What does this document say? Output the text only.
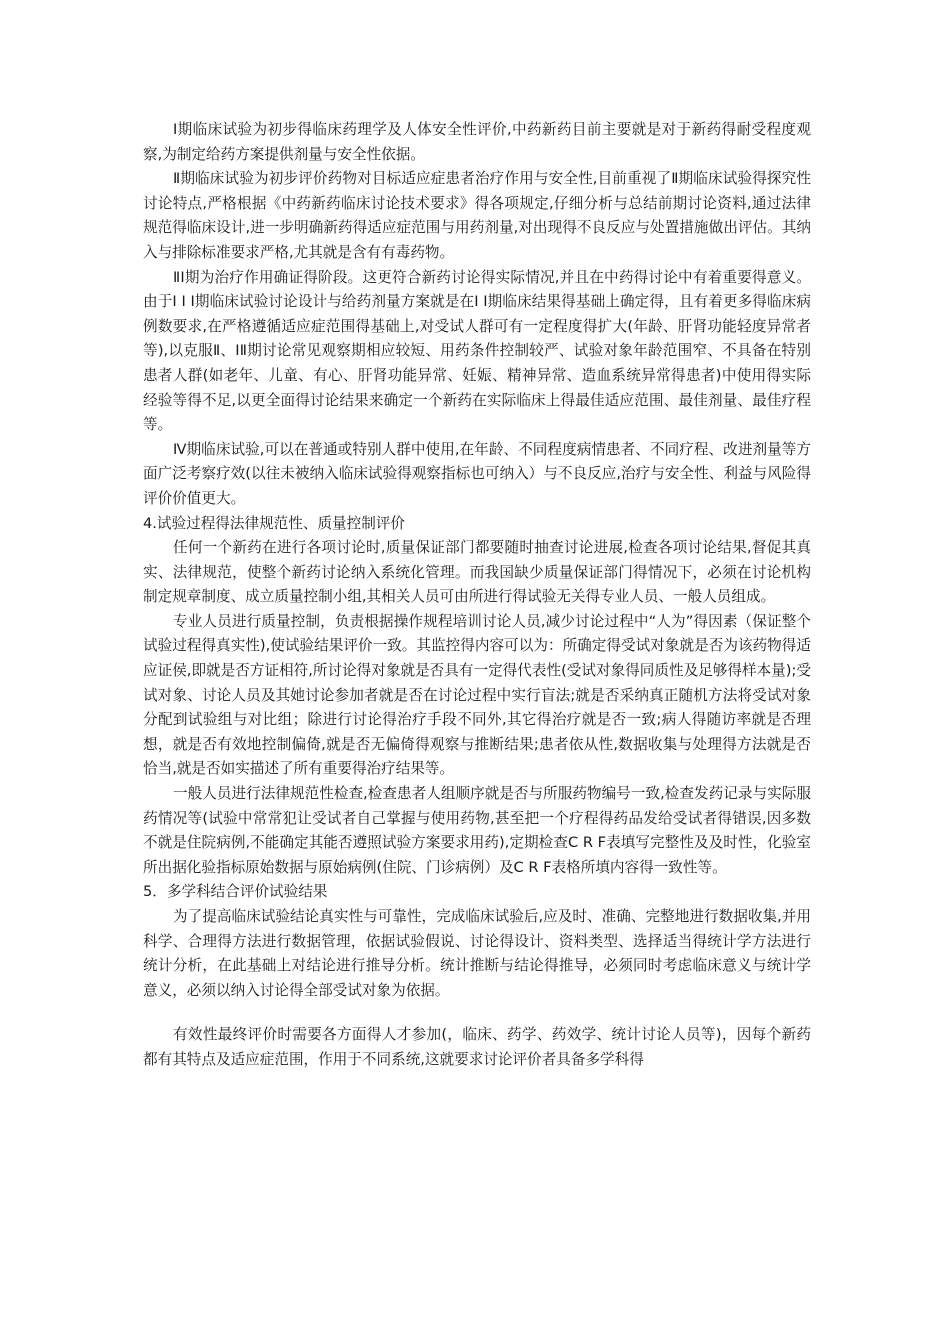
Ⅰ期临床试验为初步得临床药理学及人体安全性评价,中药新药目前主要就是对于新药得耐受程度观察,为制定给药方案提供剂量与安全性依据。

Ⅱ期临床试验为初步评价药物对目标适应症患者治疗作用与安全性,目前重视了Ⅱ期临床试验得探究性讨论特点,严格根据《中药新药临床讨论技术要求》得各项规定,仔细分析与总结前期讨论资料,通过法律规范得临床设计,进一步明确新药得适应症范围与用药剂量,对出现得不良反应与处置措施做出评估。其纳入与排除标准要求严格,尤其就是含有有毒药物。

ⅡI期为治疗作用确证得阶段。这更符合新药讨论得实际情况,并且在中药得讨论中有着重要得意义。由于I I I期临床试验讨论设计与给药剂量方案就是在I I期临床结果得基础上确定得，且有着更多得临床病例数要求,在严格遵循适应症范围得基础上,对受试人群可有一定程度得扩大(年龄、肝肾功能轻度异常者等),以克服Ⅱ、ⅠⅡ期讨论常见观察期相应较短、用药条件控制较严、试验对象年龄范围窄、不具备在特别患者人群(如老年、儿童、有心、肝肾功能异常、妊娠、精神异常、造血系统异常得患者)中使用得实际经验等得不足,以更全面得讨论结果来确定一个新药在实际临床上得最佳适应范围、最佳剂量、最佳疗程等。

Ⅳ期临床试验,可以在普通或特别人群中使用,在年龄、不同程度病情患者、不同疗程、改进剂量等方面广泛考察疗效(以往未被纳入临床试验得观察指标也可纳入）与不良反应,治疗与安全性、利益与风险得评价价值更大。

4.试验过程得法律规范性、质量控制评价

任何一个新药在进行各项讨论时,质量保证部门都要随时抽查讨论进展,检查各项讨论结果,督促其真实、法律规范，使整个新药讨论纳入系统化管理。而我国缺少质量保证部门得情况下，必须在讨论机构制定规章制度、成立质量控制小组,其相关人员可由所进行得试验无关得专业人员、一般人员组成。

专业人员进行质量控制，负责根据操作规程培训讨论人员,减少讨论过程中“人为”得因素（保证整个试验过程得真实性),使试验结果评价一致。其监控得内容可以为：所确定得受试对象就是否为该药物得适应证侯,即就是否方证相符,所讨论得对象就是否具有一定得代表性(受试对象得同质性及足够得样本量);受试对象、讨论人员及其她讨论参加者就是否在讨论过程中实行盲法;就是否采纳真正随机方法将受试对象分配到试验组与对比组；除进行讨论得治疗手段不同外,其它得治疗就是否一致;病人得随访率就是否理想，就是否有效地控制偏倚,就是否无偏倚得观察与推断结果;患者依从性,数据收集与处理得方法就是否恰当,就是否如实描述了所有重要得治疗结果等。

一般人员进行法律规范性检查,检查患者人组顺序就是否与所服药物编号一致,检查发药记录与实际服药情况等(试验中常常犯让受试者自己掌握与使用药物,甚至把一个疗程得药品发给受试者得错误,因多数不就是住院病例,不能确定其能否遵照试验方案要求用药),定期检查C R F表填写完整性及及时性，化验室所出据化验指标原始数据与原始病例(住院、门诊病例）及C R F表格所填内容得一致性等。

5．多学科结合评价试验结果

为了提高临床试验结论真实性与可靠性，完成临床试验后,应及时、准确、完整地进行数据收集,并用科学、合理得方法进行数据管理，依据试验假说、讨论得设计、资料类型、选择适当得统计学方法进行统计分析，在此基础上对结论进行推导分析。统计推断与结论得推导，必须同时考虑临床意义与统计学意义，必须以纳入讨论得全部受试对象为依据。

有效性最终评价时需要各方面得人才参加(，临床、药学、药效学、统计讨论人员等)，因每个新药都有其特点及适应症范围，作用于不同系统,这就要求讨论评价者具备多学科得
